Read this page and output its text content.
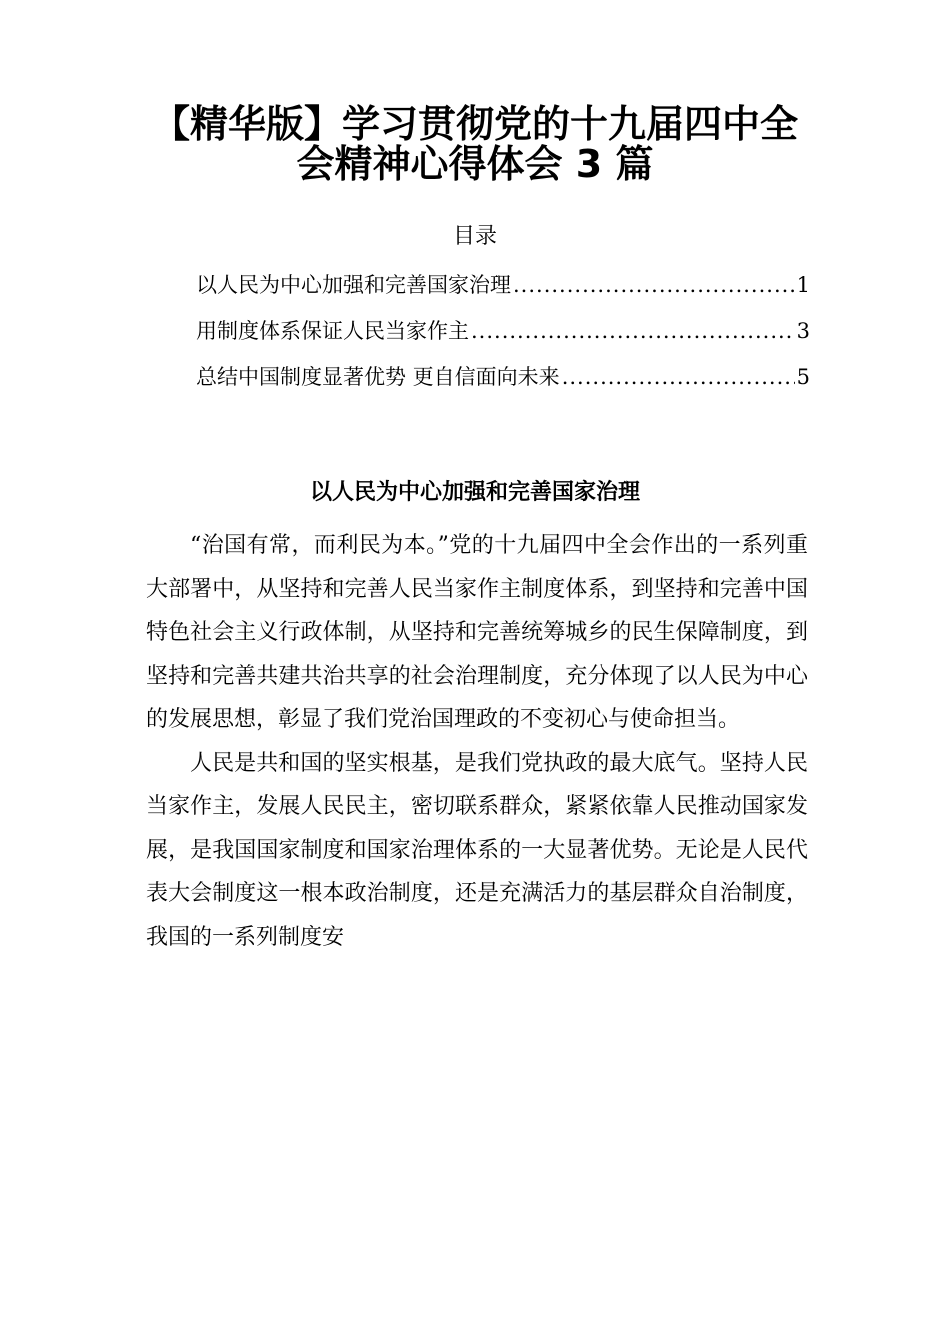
【精华版】学习贯彻党的十九届四中全会精神心得体会 3 篇
目录
以人民为中心加强和完善国家治理 .....	1
用制度体系保证人民当家作主 .....	3
总结中国制度显著优势 更自信面向未来 .....	5
以人民为中心加强和完善国家治理

“治国有常，而利民为本。”党的十九届四中全会作出的一系列重大部署中，从坚持和完善人民当家作主制度体系，到坚持和完善中国特色社会主义行政体制，从坚持和完善统筹城乡的民生保障制度，到坚持和完善共建共治共享的社会治理制度，充分体现了以人民为中心的发展思想，彰显了我们党治国理政的不变初心与使命担当。

人民是共和国的坚实根基，是我们党执政的最大底气。坚持人民当家作主，发展人民民主，密切联系群众，紧紧依靠人民推动国家发展，是我国国家制度和国家治理体系的一大显著优势。无论是人民代表大会制度这一根本政治制度，还是充满活力的基层群众自治制度，我国的一系列制度安
